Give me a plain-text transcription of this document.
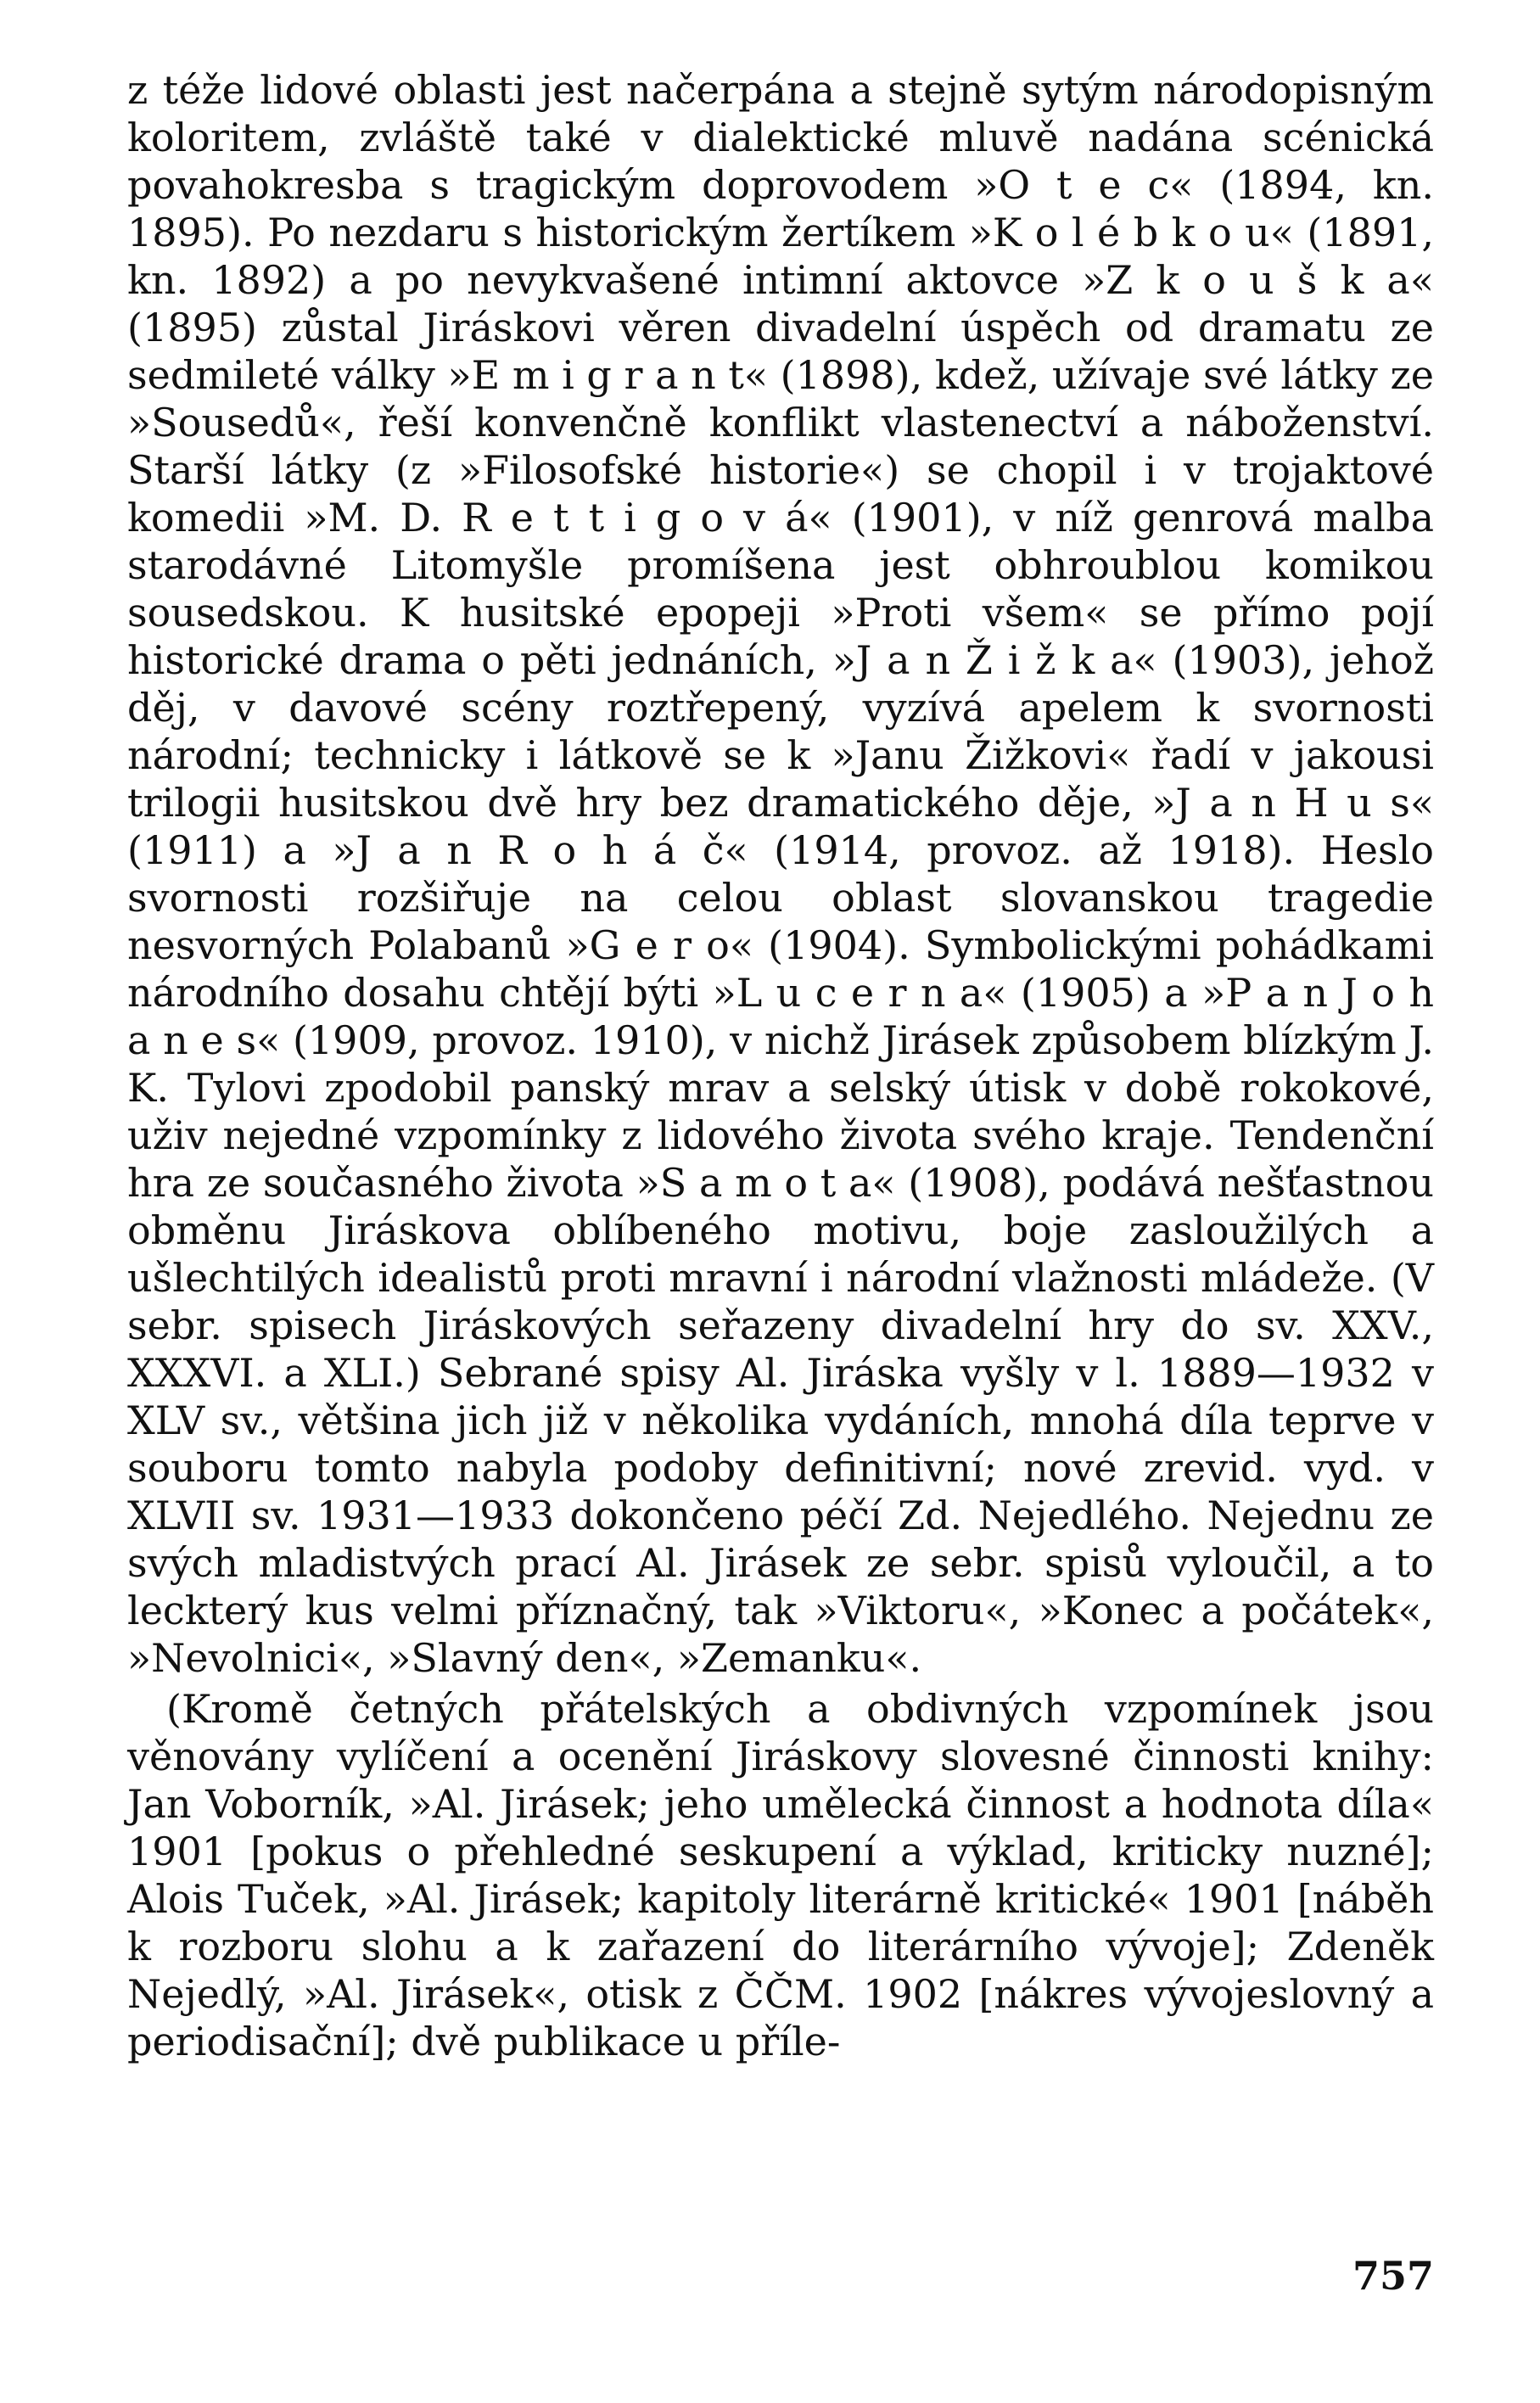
z téže lidové oblasti jest načerpána a stejně sytým národopisným koloritem, zvláště také v dialektické mluvě nadána scénická povahokresba s tragickým doprovodem »O t e c« (1894, kn. 1895). Po nezdaru s historickým žertíkem »K o l é b k o u« (1891, kn. 1892) a po nevykvašené intimní aktovce »Z k o u š k a« (1895) zůstal Jiráskovi věren divadelní úspěch od dramatu ze sedmileté války »E m i g r a n t« (1898), kdež, užívaje své látky ze »Sousedů«, řeší konvenčně konflikt vlastenectví a náboženství. Starší látky (z »Filosofské historie«) se chopil i v trojaktové komedii »M. D. R e t t i g o v á« (1901), v níž genrová malba starodávné Litomyšle promíšena jest obhroublou komikou sousedskou. K husitské epopeji »Proti všem« se přímo pojí historické drama o pěti jednáních, »J a n Ž i ž k a« (1903), jehož děj, v davové scény roztřepený, vyzívá apelem k svornosti národní; technicky i látkově se k »Janu Žižkovi« řadí v jakousi trilogii husitskou dvě hry bez dramatického děje, »J a n H u s« (1911) a »J a n R o h á č« (1914, provoz. až 1918). Heslo svornosti rozšiřuje na celou oblast slovanskou tragedie nesvorných Polabanů »G e r o« (1904). Symbolickými pohádkami národního dosahu chtějí býti »L u c e r n a« (1905) a »P a n J o h a n e s« (1909, provoz. 1910), v nichž Jirásek způsobem blízkým J. K. Tylovi zpodobil panský mrav a selský útisk v době rokokové, uživ nejedné vzpomínky z lidového života svého kraje. Tendenční hra ze současného života »S a m o t a« (1908), podává nešťastnou obměnu Jiráskova oblíbeného motivu, boje zasloužilých a ušlechtilých idealistů proti mravní i národní vlažnosti mládeže. (V sebr. spisech Jiráskových seřazeny divadelní hry do sv. XXV., XXXVI. a XLI.) Sebrané spisy Al. Jiráska vyšly v l. 1889—1932 v XLV sv., většina jich již v několika vydáních, mnohá díla teprve v souboru tomto nabyla podoby definitivní; nové zrevid. vyd. v XLVII sv. 1931—1933 dokončeno péčí Zd. Nejedlého. Nejednu ze svých mladistvých prací Al. Jirásek ze sebr. spisů vyloučil, a to leckterý kus velmi příznačný, tak »Viktoru«, »Konec a počátek«, »Nevolnici«, »Slavný den«, »Zemanku«.

(Kromě četných přátelských a obdivných vzpomínek jsou věnovány vylíčení a ocenění Jiráskovy slovesné činnosti knihy: Jan Voborník, »Al. Jirásek; jeho umělecká činnost a hodnota díla« 1901 [pokus o přehledné seskupení a výklad, kriticky nuzné]; Alois Tuček, »Al. Jirásek; kapitoly literárně kritické« 1901 [náběh k rozboru slohu a k zařazení do literárního vývoje]; Zdeněk Nejedlý, »Al. Jirásek«, otisk z ČČM. 1902 [nákres vývojeslovný a periodisační]; dvě publikace u příle-

757
